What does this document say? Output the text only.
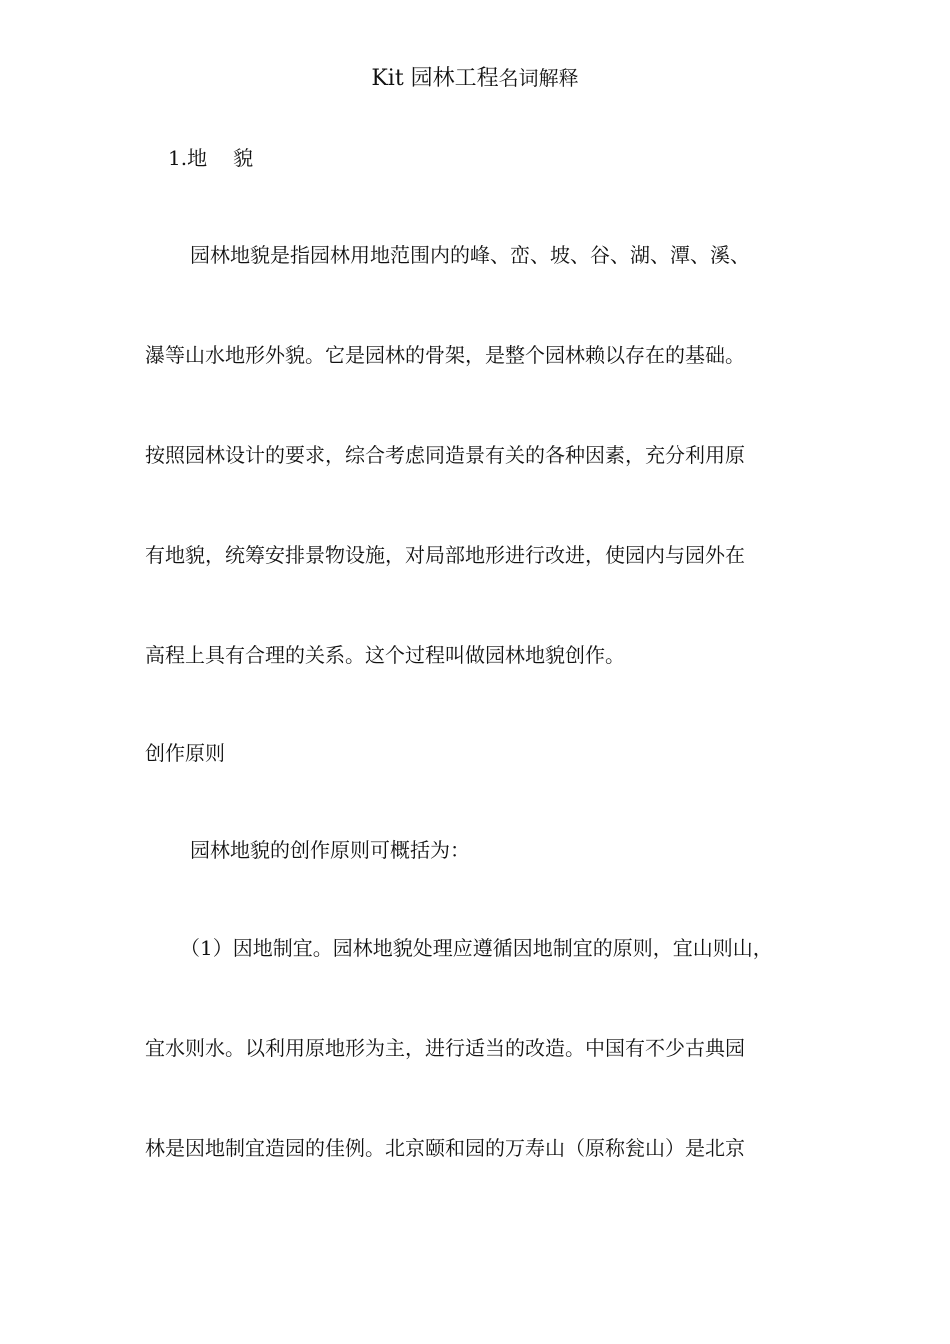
Kit 园林工程名词解释
1.地 貌
园林地貌是指园林用地范围内的峰、峦、坡、谷、湖、潭、溪、
瀑等山水地形外貌。它是园林的骨架，是整个园林赖以存在的基础。
按照园林设计的要求，综合考虑同造景有关的各种因素，充分利用原
有地貌，统筹安排景物设施，对局部地形进行改进，使园内与园外在
高程上具有合理的关系。这个过程叫做园林地貌创作。
创作原则
园林地貌的创作原则可概括为：
（1）因地制宜。园林地貌处理应遵循因地制宜的原则，宜山则山，
宜水则水。以利用原地形为主，进行适当的改造。中国有不少古典园
林是因地制宜造园的佳例。北京颐和园的万寿山（原称瓮山）是北京
